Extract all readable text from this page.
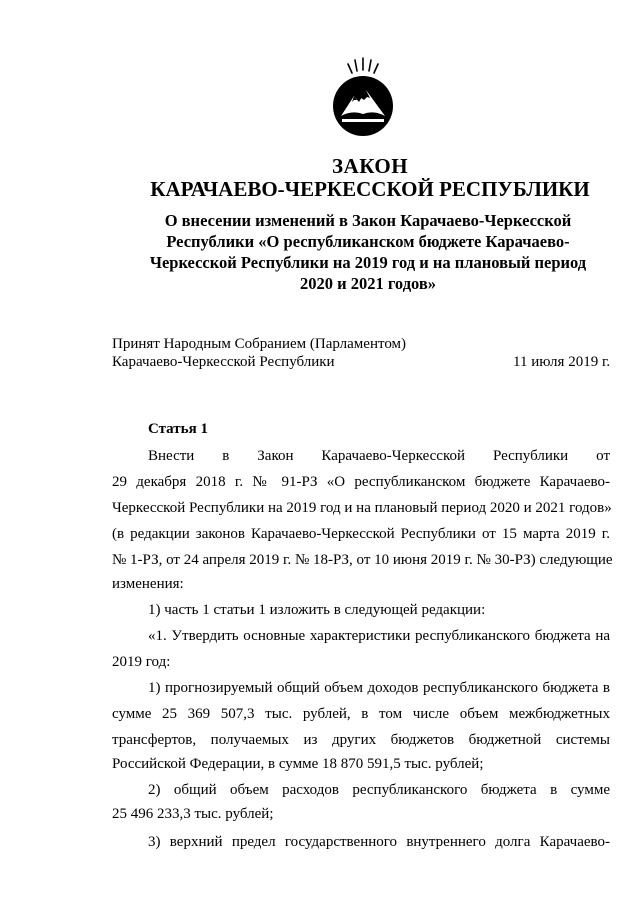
ЗАКОН
КАРАЧАЕВО-ЧЕРКЕССКОЙ РЕСПУБЛИКИ
О внесении изменений в Закон Карачаево-Черкесской
Республики «О республиканском бюджете Карачаево-
Черкесской Республики на 2019 год и на плановый период
2020 и 2021 годов»
Принят Народным Собранием (Парламентом)
Карачаево-Черкесской Республики	11 июля 2019 г.
Статья 1
Внести в Закон Карачаево-Черкесской Республики от
29 декабря 2018 г. № 91-РЗ «О республиканском бюджете Карачаево-
Черкесской Республики на 2019 год и на плановый период 2020 и 2021 годов»
(в редакции законов Карачаево-Черкесской Республики от 15 марта 2019 г.
№ 1-РЗ, от 24 апреля 2019 г. № 18-РЗ, от 10 июня 2019 г. № 30-РЗ) следующие
изменения:
1) часть 1 статьи 1 изложить в следующей редакции:
«1. Утвердить основные характеристики республиканского бюджета на
2019 год:
1) прогнозируемый общий объем доходов республиканского бюджета в
сумме 25 369 507,3 тыс. рублей, в том числе объем межбюджетных
трансфертов, получаемых из других бюджетов бюджетной системы
Российской Федерации, в сумме 18 870 591,5 тыс. рублей;
2) общий объем расходов республиканского бюджета в сумме
25 496 233,3 тыс. рублей;
3) верхний предел государственного внутреннего долга Карачаево-
